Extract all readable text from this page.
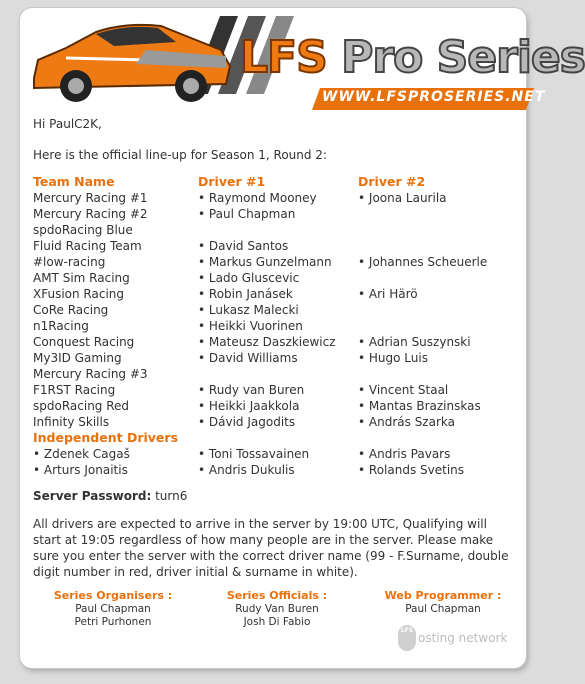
LFS Pro Series
WWW.LFSPROSERIES.NET

Hi PaulC2K,

Here is the official line-up for Season 1, Round 2:

Team Name	Driver #1	Driver #2
Mercury Racing #1	• Raymond Mooney	• Joona Laurila
Mercury Racing #2	• Paul Chapman
spdoRacing Blue
Fluid Racing Team	• David Santos
#low-racing	• Markus Gunzelmann	• Johannes Scheuerle
AMT Sim Racing	• Lado Gluscevic
XFusion Racing	• Robin Janásek	• Ari Härö
CoRe Racing	• Lukasz Malecki
n1Racing	• Heikki Vuorinen
Conquest Racing	• Mateusz Daszkiewicz	• Adrian Suszynski
My3ID Gaming	• David Williams	• Hugo Luis
Mercury Racing #3
F1RST Racing	• Rudy van Buren	• Vincent Staal
spdoRacing Red	• Heikki Jaakkola	• Mantas Brazinskas
Infinity Skills	• Dávid Jagodits	• András Szarka
Independent Drivers
• Zdenek Cagaš	• Toni Tossavainen	• Andris Pavars
• Arturs Jonaitis	• Andris Dukulis	• Rolands Svetins
Server Password: turn6

All drivers are expected to arrive in the server by 19:00 UTC, Qualifying will start at 19:05 regardless of how many people are in the server. Please make sure you enter the server with the correct driver name (99 - F.Surname, double digit number in red, driver initial & surname in white).

Series Organisers :
Paul Chapman
Petri Purhonen
Series Officials :
Rudy Van Buren
Josh Di Fabio
Web Programmer :
Paul Chapman
LFS
osting network
